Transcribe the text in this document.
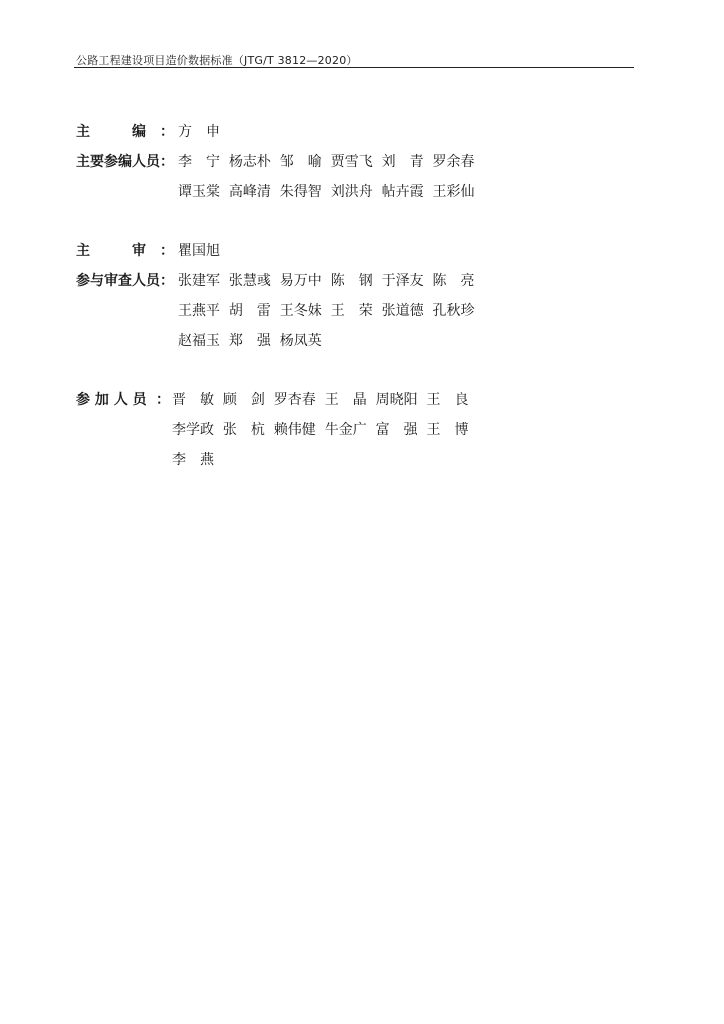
公路工程建设项目造价数据标准（JTG/T 3812—2020）
主　　　编 ： 方　申
主要参编人员 ： 李　宁  杨志朴  邹　喻  贾雪飞  刘　青  罗余春
谭玉棠  高峰清  朱得智  刘洪舟  帖卉霞  王彩仙
主　　　审 ： 瞿国旭
参与审查人员 ： 张建军  张慧彧  易万中  陈　钢  于泽友  陈　亮
王燕平  胡　雷  王冬妹  王　荣  张道德  孔秋珍
赵福玉  郑　强  杨凤英
参 加 人 员 ： 晋　敏  顾　剑  罗杏春  王　晶  周晓阳  王　良
李学政  张　杭  赖伟健  牛金广  富　强  王　博
李　燕
